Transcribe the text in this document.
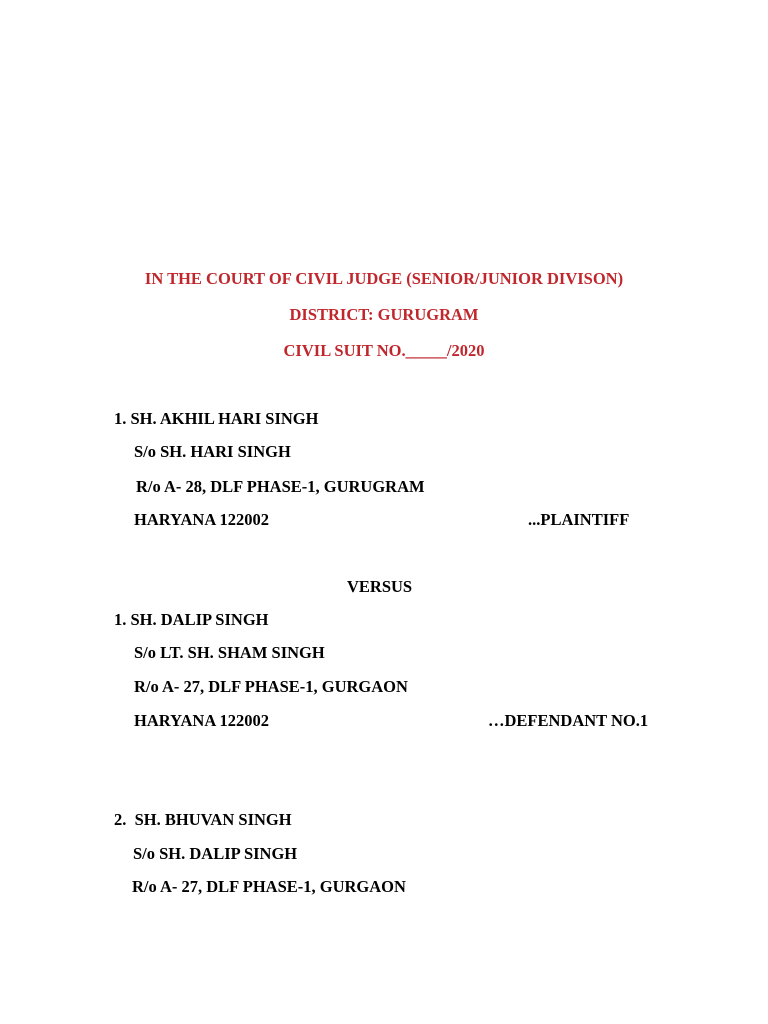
IN THE COURT OF CIVIL JUDGE (SENIOR/JUNIOR DIVISON)

DISTRICT: GURUGRAM

CIVIL SUIT NO._____/2020

1. SH. AKHIL HARI SINGH

S/o SH. HARI SINGH

R/o A- 28, DLF PHASE-1, GURUGRAM

HARYANA 122002	...PLAINTIFF

VERSUS

1. SH. DALIP SINGH

S/o LT. SH. SHAM SINGH

R/o A- 27, DLF PHASE-1, GURGAON

HARYANA 122002	…DEFENDANT NO.1

2.  SH. BHUVAN SINGH

S/o SH. DALIP SINGH

R/o A- 27, DLF PHASE-1, GURGAON
